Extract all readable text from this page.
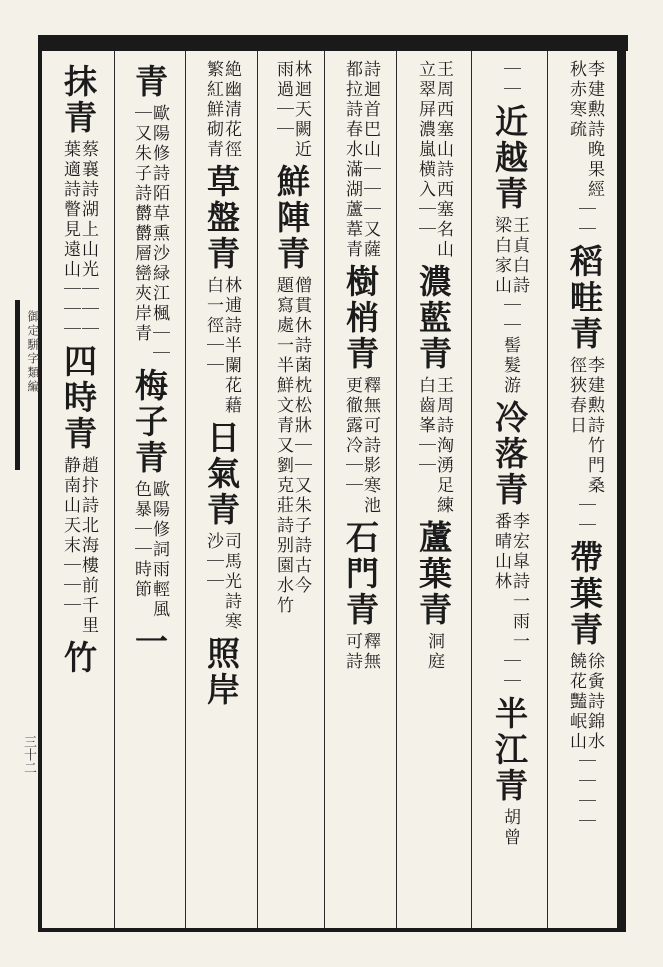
御定駢字類編
三十二
李建勲詩晚果經
秋赤寒疏
｜｜
稻畦青
李建勲詩竹門桑
徑狹春日
｜｜
帶葉青
徐夤詩錦水
饒花豔岷山
｜｜｜｜
｜｜
近越青
王貞白詩
梁白家山
｜｜
髻髮游
冷落青
李宏皐詩一雨一
番晴山林
｜｜
半江青
胡曾
王周西塞山詩西塞名山
立翠屏濃嵐横入｜｜
濃藍青
王周詩洶湧足練
白齒峯｜｜
蘆葉青
洞庭
詩迴首巴山｜｜｜又薩
都拉詩春水滿湖蘆葦青
樹梢青
釋無可詩影寒池
更徹露冷｜｜
石門青
釋無
可詩
林迴天闕近
雨過｜｜
鮮陣青
僧貫休詩菌枕松牀｜｜又朱子詩古今
題寫處一半鮮文青又劉克莊詩别園水竹
絶幽清花徑
繁紅鮮砌青
草盤青
林逋詩半闌花藉
白一徑｜｜
日氣青
司馬光詩寒
沙｜｜
照岸
青
歐陽修詩陌草熏沙緑江楓｜｜
｜又朱子詩欝欝層巒夾岸青
梅子青
歐陽修詞雨輕風
色暴｜｜時節
一
抹青
蔡襄詩湖上山光｜｜｜
葉適詩瞥見遠山｜｜｜
四時青
趙抃詩北海樓前千里
静南山天末｜｜｜
竹
